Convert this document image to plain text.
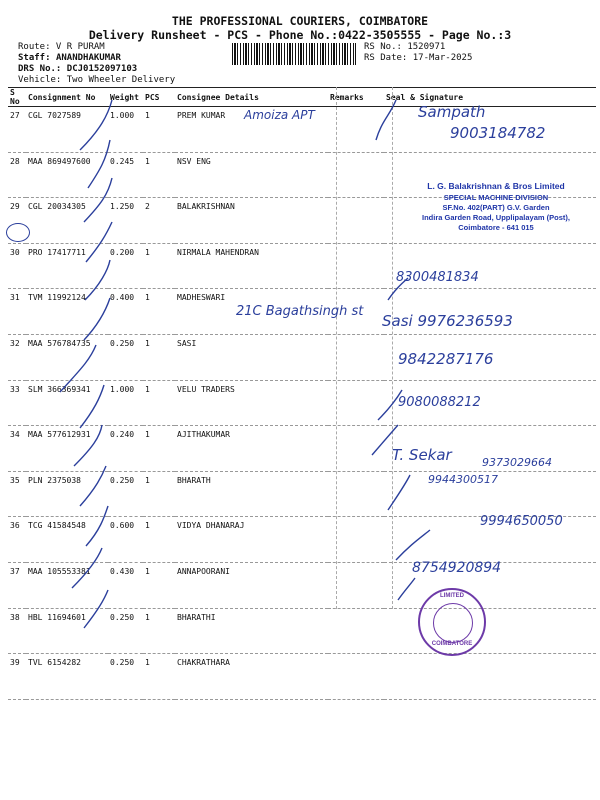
THE PROFESSIONAL COURIERS, COIMBATORE
Delivery Runsheet - PCS - Phone No.:0422-3505555 - Page No.:3
Route: V R PURAM
Staff: ANANDHAKUMAR
DRS No.: DCJ0152097103
Vehicle: Two Wheeler Delivery
RS No.: 1520971
RS Date: 17-Mar-2025
S No	Consignment No	Weight	PCS	Consignee Details	Remarks	Seal & Signature
27	CGL 7027589	1.000	1	PREM KUMAR		
28	MAA 869497600	0.245	1	NSV ENG		
29	CGL 20034305	1.250	2	BALAKRISHNAN		
30	PRO 17417711	0.200	1	NIRMALA MAHENDRAN		
31	TVM 11992124	0.400	1	MADHESWARI		
32	MAA 576784735	0.250	1	SASI		
33	SLM 366369341	1.000	1	VELU TRADERS		
34	MAA 577612931	0.240	1	AJITHAKUMAR		
35	PLN 2375038	0.250	1	BHARATH		
36	TCG 41584548	0.600	1	VIDYA DHANARAJ		
37	MAA 105553381	0.430	1	ANNAPOORANI		
38	HBL 11694601	0.250	1	BHARATHI		
39	TVL 6154282	0.250	1	CHAKRATHARA		
Amoiza APT	Sampath
9003184782
8300481834
21C Bagathsingh st
Sasi 9976236593
9842287176
9080088212
T. Sekar	9373029664
9944300517
9994650050
8754920894
L. G. Balakrishnan & Bros Limited
SPECIAL MACHINE DIVISION
SF.No. 402(PART) G.V. Garden
Indira Garden Road, Upplipalayam (Post),
Coimbatore - 641 015
LIMITED
COIMBATORE
